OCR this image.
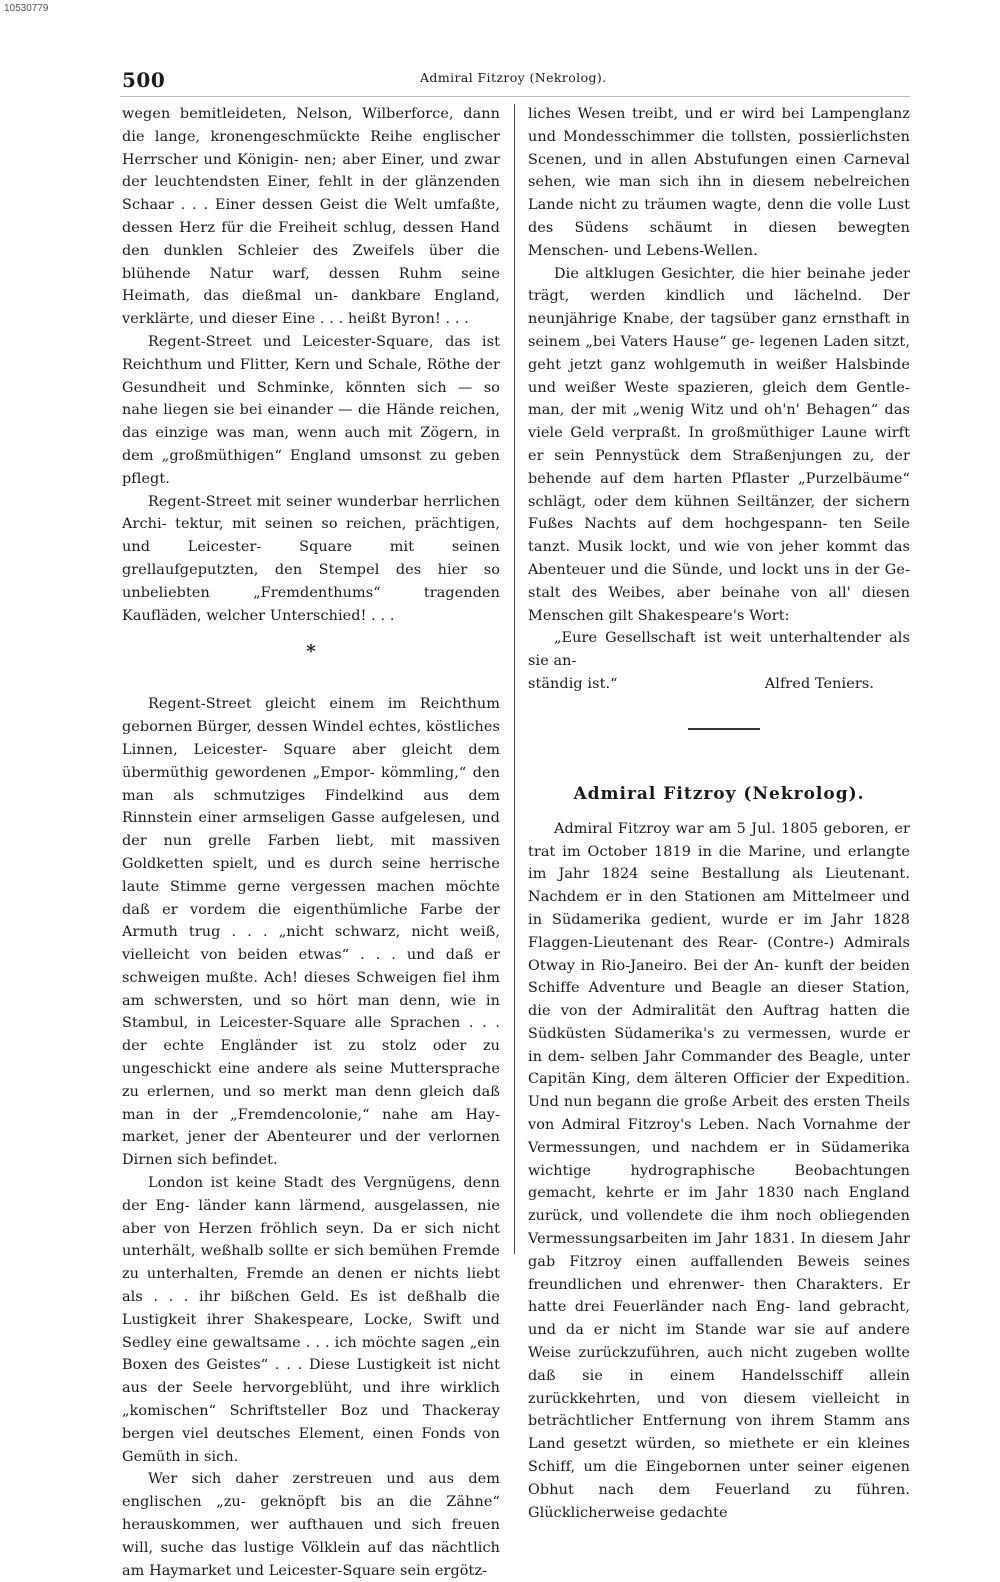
10530779
500	Admiral Fitzroy (Nekrolog).

wegen bemitleideten, Nelson, Wilberforce, dann die lange, kronengeschmückte Reihe englischer Herrscher und Königin‐ nen; aber Einer, und zwar der leuchtendsten Einer, fehlt in der glänzenden Schaar . . . Einer dessen Geist die Welt umfaßte, dessen Herz für die Freiheit schlug, dessen Hand den dunklen Schleier des Zweifels über die blühende Natur warf, dessen Ruhm seine Heimath, das dießmal un‐ dankbare England, verklärte, und dieser Eine . . . heißt Byron! . . .

Regent‐Street und Leicester‐Square, das ist Reichthum und Flitter, Kern und Schale, Röthe der Gesundheit und Schminke, könnten sich — so nahe liegen sie bei einander — die Hände reichen, das einzige was man, wenn auch mit Zögern, in dem „großmüthigen“ England umsonst zu geben pflegt.

Regent‐Street mit seiner wunderbar herrlichen Archi‐ tektur, mit seinen so reichen, prächtigen, und Leicester‐ Square mit seinen grellaufgeputzten, den Stempel des hier so unbeliebten „Fremdenthums“ tragenden Kaufläden, welcher Unterschied! . . .

*

Regent‐Street gleicht einem im Reichthum gebornen Bürger, dessen Windel echtes, köstliches Linnen, Leicester‐ Square aber gleicht dem übermüthig gewordenen „Empor‐ kömmling,“ den man als schmutziges Findelkind aus dem Rinnstein einer armseligen Gasse aufgelesen, und der nun grelle Farben liebt, mit massiven Goldketten spielt, und es durch seine herrische laute Stimme gerne vergessen machen möchte daß er vordem die eigenthümliche Farbe der Armuth trug . . . „nicht schwarz, nicht weiß, vielleicht von beiden etwas“ . . . und daß er schweigen mußte. Ach! dieses Schweigen fiel ihm am schwersten, und so hört man denn, wie in Stambul, in Leicester‐Square alle Sprachen . . . der echte Engländer ist zu stolz oder zu ungeschickt eine andere als seine Muttersprache zu erlernen, und so merkt man denn gleich daß man in der „Fremdencolonie,“ nahe am Hay‐ market, jener der Abenteurer und der verlornen Dirnen sich befindet.

London ist keine Stadt des Vergnügens, denn der Eng‐ länder kann lärmend, ausgelassen, nie aber von Herzen fröhlich seyn. Da er sich nicht unterhält, weßhalb sollte er sich bemühen Fremde zu unterhalten, Fremde an denen er nichts liebt als . . . ihr bißchen Geld. Es ist deßhalb die Lustigkeit ihrer Shakespeare, Locke, Swift und Sedley eine gewaltsame . . . ich möchte sagen „ein Boxen des Geistes“ . . . Diese Lustigkeit ist nicht aus der Seele hervorgeblüht, und ihre wirklich „komischen“ Schriftsteller Boz und Thackeray bergen viel deutsches Element, einen Fonds von Gemüth in sich.

Wer sich daher zerstreuen und aus dem englischen „zu‐ geknöpft bis an die Zähne“ herauskommen, wer aufthauen und sich freuen will, suche das lustige Völklein auf das nächtlich am Haymarket und Leicester‐Square sein ergötz‐

liches Wesen treibt, und er wird bei Lampenglanz und Mondesschimmer die tollsten, possierlichsten Scenen, und in allen Abstufungen einen Carneval sehen, wie man sich ihn in diesem nebelreichen Lande nicht zu träumen wagte, denn die volle Lust des Südens schäumt in diesen bewegten Menschen‐ und Lebens‐Wellen.

Die altklugen Gesichter, die hier beinahe jeder trägt, werden kindlich und lächelnd. Der neunjährige Knabe, der tagsüber ganz ernsthaft in seinem „bei Vaters Hause“ ge‐ legenen Laden sitzt, geht jetzt ganz wohlgemuth in weißer Halsbinde und weißer Weste spazieren, gleich dem Gentle‐ man, der mit „wenig Witz und oh'n' Behagen“ das viele Geld verpraßt. In großmüthiger Laune wirft er sein Pennystück dem Straßenjungen zu, der behende auf dem harten Pflaster „Purzelbäume“ schlägt, oder dem kühnen Seiltänzer, der sichern Fußes Nachts auf dem hochgespann‐ ten Seile tanzt. Musik lockt, und wie von jeher kommt das Abenteuer und die Sünde, und lockt uns in der Ge‐ stalt des Weibes, aber beinahe von all' diesen Menschen gilt Shakespeare's Wort:

„Eure Gesellschaft ist weit unterhaltender als sie an‐
ständig ist.“	Alfred Teniers.
Admiral Fitzroy (Nekrolog).

Admiral Fitzroy war am 5 Jul. 1805 geboren, er trat im October 1819 in die Marine, und erlangte im Jahr 1824 seine Bestallung als Lieutenant. Nachdem er in den Stationen am Mittelmeer und in Südamerika gedient, wurde er im Jahr 1828 Flaggen‐Lieutenant des Rear‐ (Contre‐) Admirals Otway in Rio‐Janeiro. Bei der An‐ kunft der beiden Schiffe Adventure und Beagle an dieser Station, die von der Admiralität den Auftrag hatten die Südküsten Südamerika's zu vermessen, wurde er in dem‐ selben Jahr Commander des Beagle, unter Capitän King, dem älteren Officier der Expedition. Und nun begann die große Arbeit des ersten Theils von Admiral Fitzroy's Leben. Nach Vornahme der Vermessungen, und nachdem er in Südamerika wichtige hydrographische Beobachtungen gemacht, kehrte er im Jahr 1830 nach England zurück, und vollendete die ihm noch obliegenden Vermessungsarbeiten im Jahr 1831. In diesem Jahr gab Fitzroy einen auffallenden Beweis seines freundlichen und ehrenwer‐ then Charakters. Er hatte drei Feuerländer nach Eng‐ land gebracht, und da er nicht im Stande war sie auf andere Weise zurückzuführen, auch nicht zugeben wollte daß sie in einem Handelsschiff allein zurückkehrten, und von diesem vielleicht in beträchtlicher Entfernung von ihrem Stamm ans Land gesetzt würden, so miethete er ein kleines Schiff, um die Eingebornen unter seiner eigenen Obhut nach dem Feuerland zu führen. Glücklicherweise gedachte
